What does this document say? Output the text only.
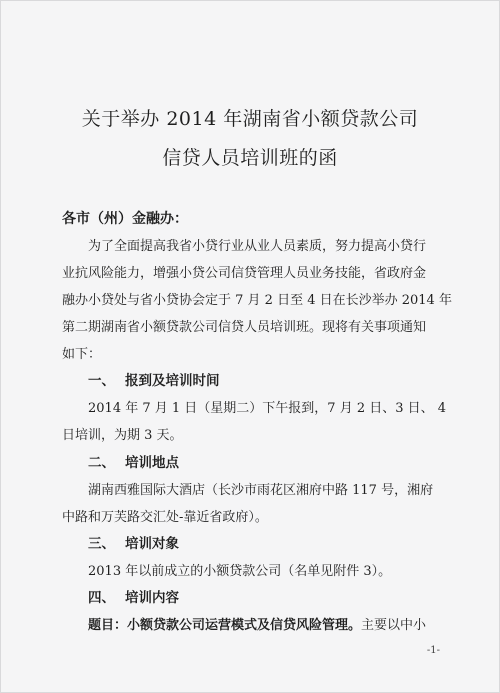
关于举办 2014 年湖南省小额贷款公司
信贷人员培训班的函
各市（州）金融办：
为了全面提高我省小贷行业从业人员素质，努力提高小贷行
业抗风险能力，增强小贷公司信贷管理人员业务技能，省政府金
融办小贷处与省小贷协会定于 7 月 2 日至 4 日在长沙举办 2014 年
第二期湖南省小额贷款公司信贷人员培训班。现将有关事项通知
如下：
一、 报到及培训时间
2014 年 7 月 1 日（星期二）下午报到，7 月 2 日、3 日、 4
日培训，为期 3 天。
二、 培训地点
湖南西雅国际大酒店（长沙市雨花区湘府中路 117 号，湘府
中路和万芙路交汇处-靠近省政府）。
三、 培训对象
2013 年以前成立的小额贷款公司（名单见附件 3）。
四、 培训内容
题目：小额贷款公司运营模式及信贷风险管理。主要以中小
-1-
